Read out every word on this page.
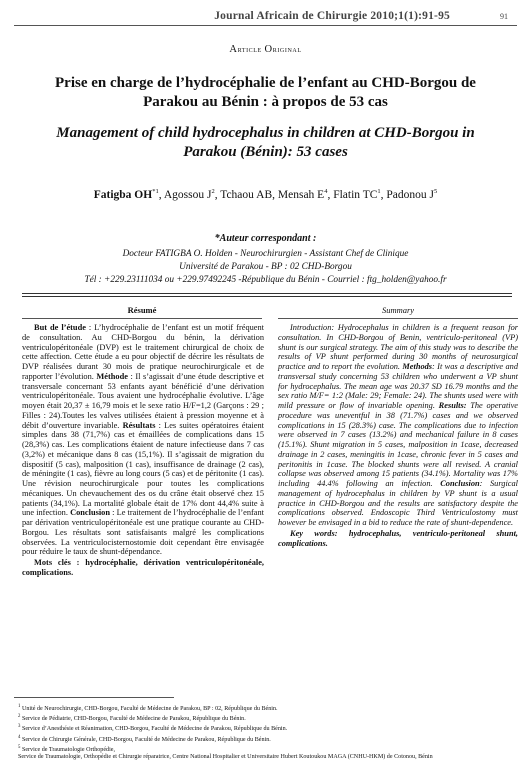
Journal Africain de Chirurgie 2010;1(1):91-95	91
Article Original
Prise en charge de l’hydrocéphalie de l’enfant au CHD-Borgou de Parakou au Bénin : à propos de 53 cas
Management of child hydrocephalus in children at CHD-Borgou in Parakou (Bénin): 53 cases
Fatigba OH$^{*1}$, Agossou $J^2$, Tchaou AB, Mensah $E^4$, Flatin $TC^1$, Padonou $J^5$
*Auteur correspondant :
Docteur FATIGBA O. Holden - Neurochirurgien - Assistant Chef de Clinique
Université de Parakou - BP : 02 CHD-Borgou
Tél : +229.23111034 ou +229.97492245 -République du Bénin - Courriel : ftg_holden@yahoo.fr
Résumé	Summary

But de l’étude : L’hydrocéphalie de l’enfant est un motif fréquent de consultation. Au CHD-Borgou du bénin, la dérivation ventriculopéritonéale (DVP) est le traitement chirurgical de choix de cette affection. Cette étude a eu pour objectif de décrire les résultats de DVP réalisées durant 30 mois de pratique neurochirurgicale et de rapporter l’évolution. Méthode : Il s’agissait d’une étude descriptive et transversale concernant 53 enfants ayant bénéficié d’une dérivation ventriculopéritonéale. Tous avaient une hydrocéphalie évolutive. L’âge moyen était 20,37 ± 16,79 mois et le sexe ratio H/F=1,2 (Garçons : 29 ; Filles : 24).Toutes les valves utilisées étaient à pression moyenne et à débit d’ouverture invariable. Résultats : Les suites opératoires étaient simples dans 38 (71,7%) cas et émaillées de complications dans 15 (28,3%) cas. Les complications étaient de nature infectieuse dans 7 cas (3,2%) et mécanique dans 8 cas (15,1%). Il s’agissait de migration du dispositif (5 cas), malposition (1 cas), insuffisance de drainage (2 cas), de méningite (1 cas), fièvre au long cours (5 cas) et de péritonite (1 cas). Une révision neurochirurgicale pour toutes les complications mécaniques. Un chevauchement des os du crâne était observé chez 15 patients (34,1%). La mortalité globale était de 17% dont 44,4% suite à une infection. Conclusion : Le traitement de l’hydrocéphalie de l’enfant par dérivation ventriculopéritonéale est une pratique courante au CHD-Borgou. Les résultats sont satisfaisants malgré les complications observées. La ventriculocisternostomie doit cependant être envisagée pour réduire le taux de shunt-dépendance.

Mots clés : hydrocéphalie, dérivation ventriculopéritonéale, complications.

Introduction: Hydrocephalus in children is a frequent reason for consultation. In CHD-Borgou of Benin, ventriculo-peritoneal (VP) shunt is our surgical strategy. The aim of this study was to describe the results of VP shunt performed during 30 months of neurosurgical practice and to report the evolution. Methods: It was a descriptive and transversal study concerning 53 children who underwent a VP shunt for hydrocephalus. The mean age was 20.37 SD 16.79 months and the sex ratio M/F= 1:2 (Male: 29; Female: 24). The shunts used were with mild pressure or flow of invariable opening. Results: The operative procedure was uneventful in 38 (71.7%) cases and we observed complications in 15 (28.3%) case. The complications due to infection were observed in 7 cases (13.2%) and mechanical failure in 8 cases (15.1%). Shunt migration in 5 cases, malposition in 1case, decreased drainage in 2 cases, meningitis in 1case, chronic fever in 5 cases and peritonitis in 1case. The blocked shunts were all revised. A cranial collapse was observed among 15 patients (34.1%). Mortality was 17% including 44.4% following an infection. Conclusion: Surgical management of hydrocephalus in children by VP shunt is a usual practice in CHD-Borgou and the results are satisfactory despite the complications observed. Endoscopic Third Ventriculostomy must however be envisaged in a bid to reduce the rate of shunt-dependence.

Key words: hydrocephalus, ventriculo-peritoneal shunt, complications.

$^1$ Unité de Neurochirurgie, CHD-Borgou, Faculté de Médecine de Parakou, BP : 02, République du Bénin.
$^2$ Service de Pédiatrie, CHD-Borgou, Faculté de Médecine de Parakou, République du Bénin.
$^3$ Service d’Anesthésie et Réanimation, CHD-Borgou, Faculté de Médecine de Parakou, République du Bénin.
$^4$ Service de Chirurgie Générale, CHD-Borgou, Faculté de Médecine de Parakou, République du Bénin.
$^5$ Service de Traumatologie Orthopédie,
Service de Traumatologie, Orthopédie et Chirurgie réparatrice, Centre National Hospitalier et Universitaire Hubert Koutoukou MAGA (CNHU-HKM) de Cotonou, Bénin
